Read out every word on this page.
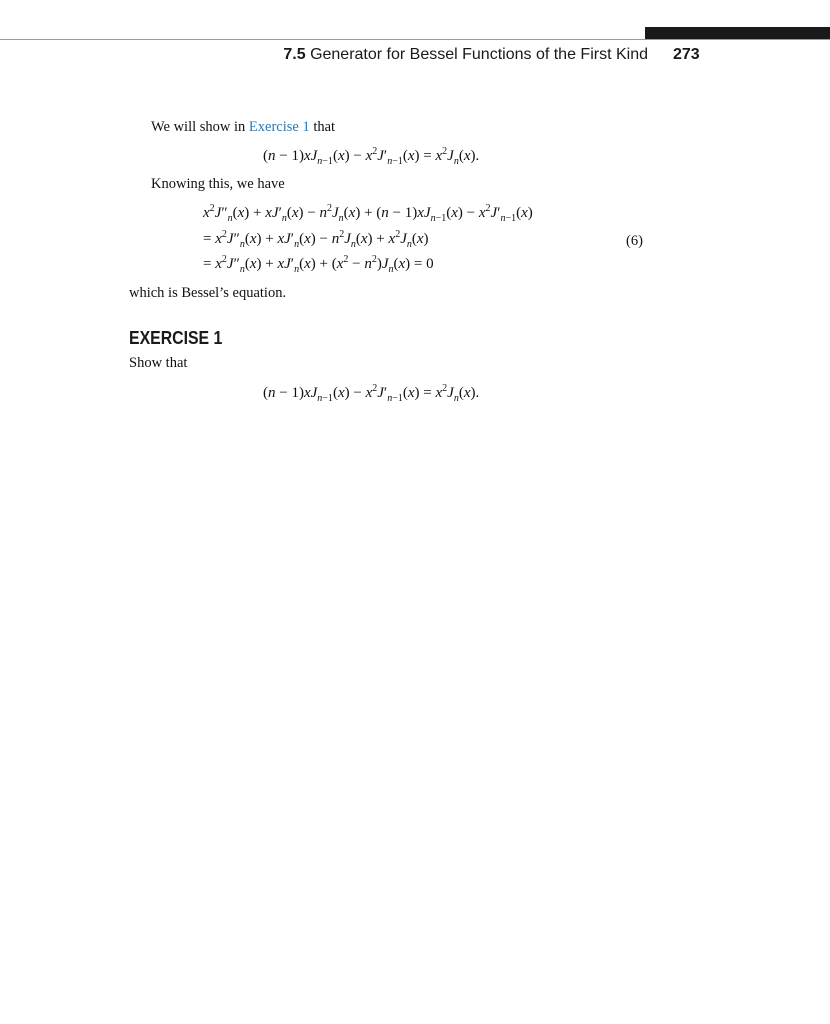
7.5 Generator for Bessel Functions of the First Kind 273
We will show in Exercise 1 that
$(n - 1)xJ_{n-1}(x) - x^2J'_{n-1}(x) = x^2J_n(x)$.
Knowing this, we have
$x^2J''_n(x) + xJ'_n(x) - n^2J_n(x) + (n - 1)xJ_{n-1}(x) - x^2J'_{n-1}(x)$
= $x^2J''_n(x) + xJ'_n(x) - n^2J_n(x) + x^2J_n(x)$
= $x^2J''_n(x) + xJ'_n(x) + (x^2 - n^2)J_n(x) = 0$
(6)
which is Bessel’s equation.
EXERCISE 1
Show that
$(n - 1)xJ_{n-1}(x) - x^2J'_{n-1}(x) = x^2J_n(x)$.
